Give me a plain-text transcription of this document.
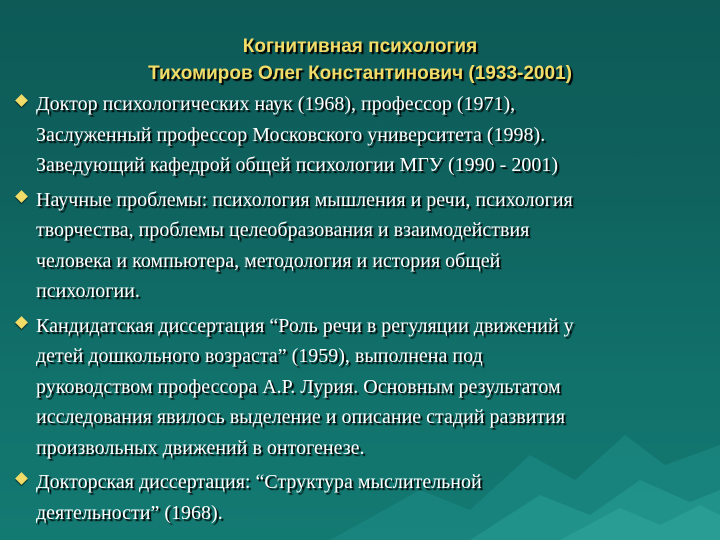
Когнитивная психология
Тихомиров Олег Константинович (1933-2001)
Доктор психологических наук (1968), профессор (1971),
Заслуженный профессор Московского университета (1998).
Заведующий кафедрой общей психологии МГУ (1990 - 2001)
Научные проблемы: психология мышления и речи, психология
творчества, проблемы целеобразования и взаимодействия
человека и компьютера, методология и история общей
психологии.
Кандидатская диссертация “Роль речи в регуляции движений у
детей дошкольного возраста” (1959), выполнена под
руководством профессора А.Р. Лурия. Основным результатом
исследования явилось выделение и описание стадий развития
произвольных движений в онтогенезе.
Докторская диссертация: “Структура мыслительной
деятельности” (1968).
